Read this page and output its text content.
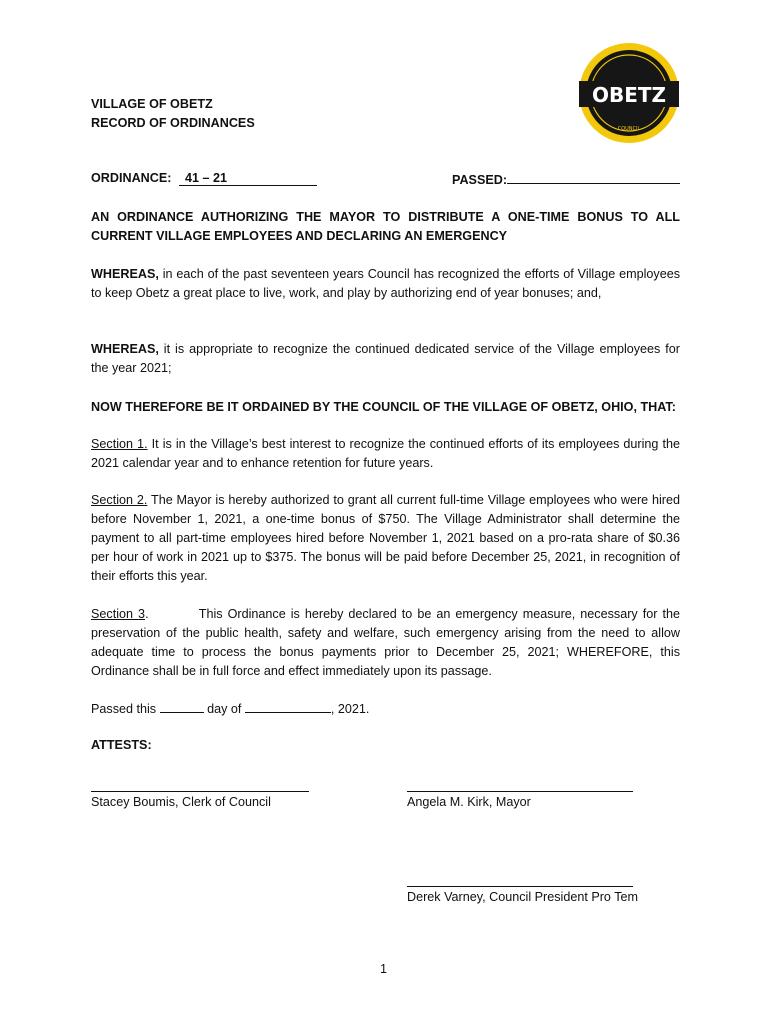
OBETZ
COUNCIL
VILLAGE OF OBETZ
RECORD OF ORDINANCES
ORDINANCE: 41 – 21	PASSED:
AN ORDINANCE AUTHORIZING THE MAYOR TO DISTRIBUTE A ONE-TIME BONUS TO ALL CURRENT VILLAGE EMPLOYEES AND DECLARING AN EMERGENCY
WHEREAS, in each of the past seventeen years Council has recognized the efforts of Village employees to keep Obetz a great place to live, work, and play by authorizing end of year bonuses; and,
WHEREAS, it is appropriate to recognize the continued dedicated service of the Village employees for the year 2021;
NOW THEREFORE BE IT ORDAINED BY THE COUNCIL OF THE VILLAGE OF OBETZ, OHIO, THAT:
Section 1. It is in the Village’s best interest to recognize the continued efforts of its employees during the 2021 calendar year and to enhance retention for future years.
Section 2. The Mayor is hereby authorized to grant all current full-time Village employees who were hired before November 1, 2021, a one-time bonus of $750. The Village Administrator shall determine the payment to all part-time employees hired before November 1, 2021 based on a pro-rata share of $0.36 per hour of work in 2021 up to $375. The bonus will be paid before December 25, 2021, in recognition of their efforts this year.
Section 3.          This Ordinance is hereby declared to be an emergency measure, necessary for the preservation of the public health, safety and welfare, such emergency arising from the need to allow adequate time to process the bonus payments prior to December 25, 2021; WHEREFORE, this Ordinance shall be in full force and effect immediately upon its passage.
Passed this	day of	, 2021.
ATTESTS:
Stacey Boumis, Clerk of Council	Angela M. Kirk, Mayor
Derek Varney, Council President Pro Tem
1
